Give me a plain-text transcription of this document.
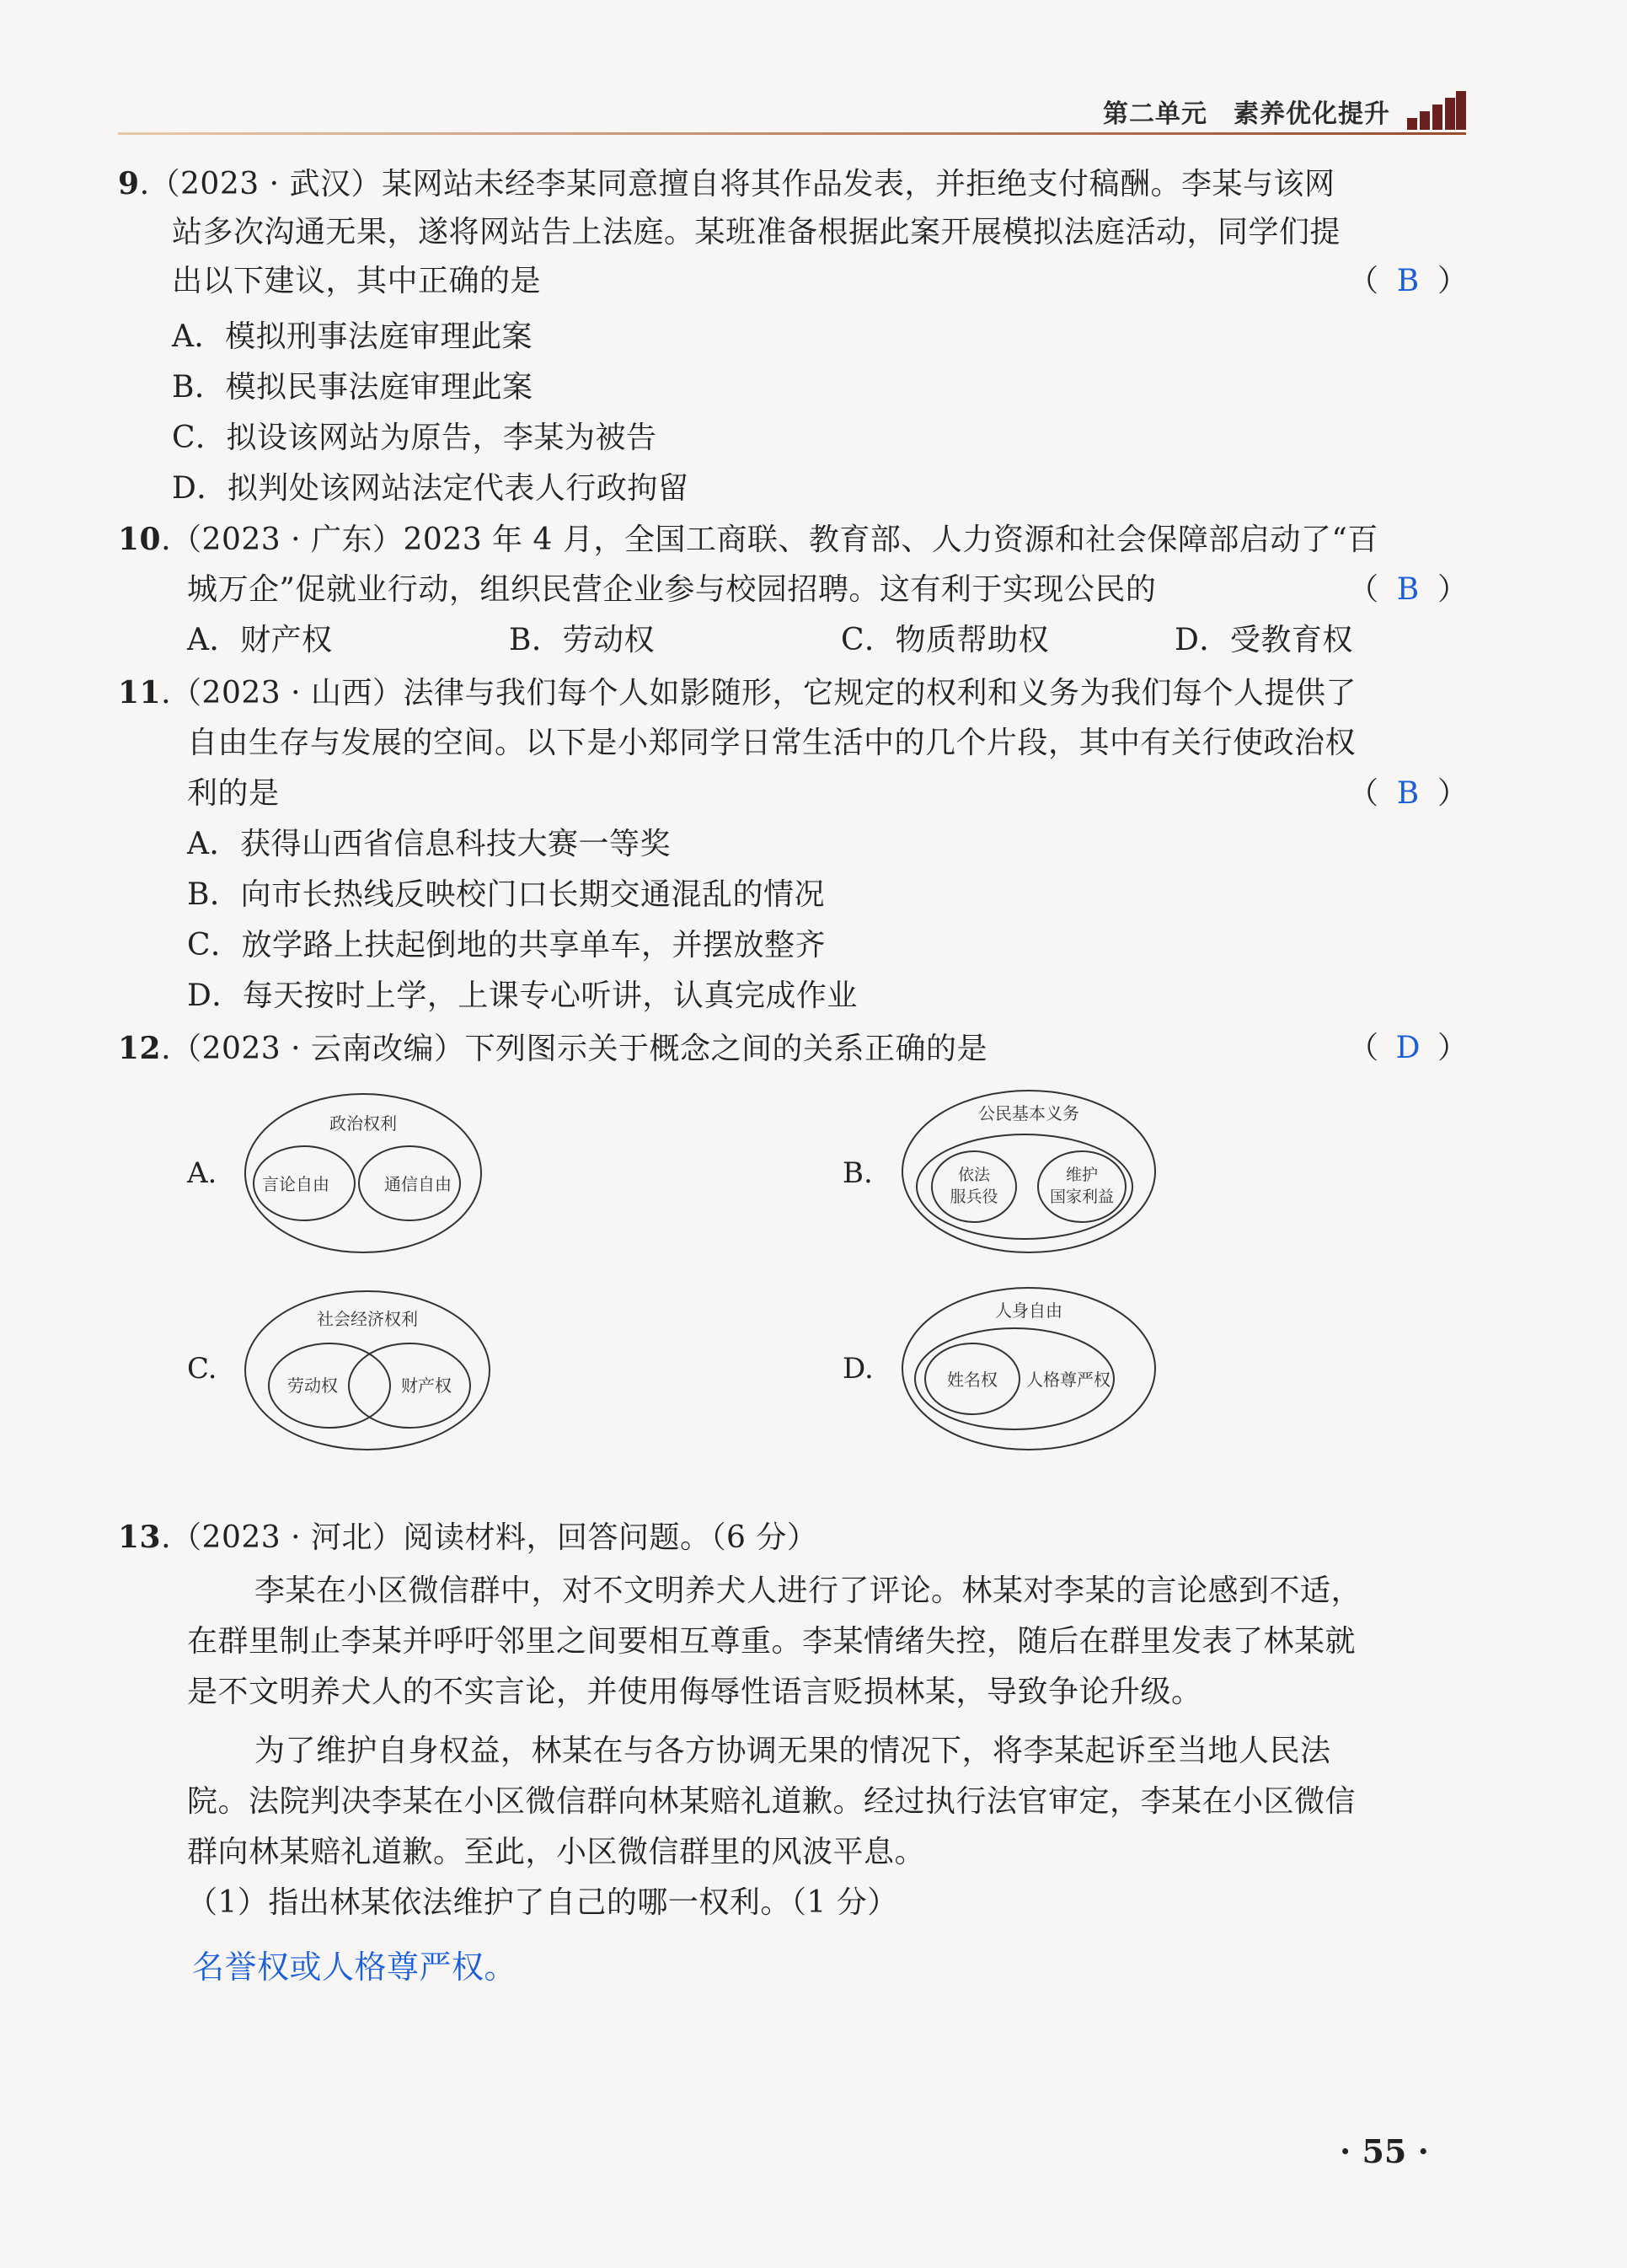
第二单元　素养优化提升
9.（2023 · 武汉）某网站未经李某同意擅自将其作品发表，并拒绝支付稿酬。李某与该网
站多次沟通无果，遂将网站告上法庭。某班准备根据此案开展模拟法庭活动，同学们提
出以下建议，其中正确的是	（ B ）
A．模拟刑事法庭审理此案
B．模拟民事法庭审理此案
C．拟设该网站为原告，李某为被告
D．拟判处该网站法定代表人行政拘留
10.（2023 · 广东）2023 年 4 月，全国工商联、教育部、人力资源和社会保障部启动了“百
城万企”促就业行动，组织民营企业参与校园招聘。这有利于实现公民的	（ B ）
A．财产权	B．劳动权	C．物质帮助权	D．受教育权
11.（2023 · 山西）法律与我们每个人如影随形，它规定的权利和义务为我们每个人提供了
自由生存与发展的空间。以下是小郑同学日常生活中的几个片段，其中有关行使政治权
利的是	（ B ）
A．获得山西省信息科技大赛一等奖
B．向市长热线反映校门口长期交通混乱的情况
C．放学路上扶起倒地的共享单车，并摆放整齐
D．每天按时上学，上课专心听讲，认真完成作业
12.（2023 · 云南改编）下列图示关于概念之间的关系正确的是	（ D ）
A.
政治权利
言论自由	通信自由	B.
公民基本义务
依法
服兵役
维护
国家利益
C.
社会经济权利
劳动权	财产权	D.
人身自由
姓名权 人格尊严权
13.（2023 · 河北）阅读材料，回答问题。（6 分）
李某在小区微信群中，对不文明养犬人进行了评论。林某对李某的言论感到不适，
在群里制止李某并呼吁邻里之间要相互尊重。李某情绪失控，随后在群里发表了林某就
是不文明养犬人的不实言论，并使用侮辱性语言贬损林某，导致争论升级。
为了维护自身权益，林某在与各方协调无果的情况下，将李某起诉至当地人民法
院。法院判决李某在小区微信群向林某赔礼道歉。经过执行法官审定，李某在小区微信
群向林某赔礼道歉。至此，小区微信群里的风波平息。
（1）指出林某依法维护了自己的哪一权利。（1 分）
名誉权或人格尊严权。
· 55 ·
